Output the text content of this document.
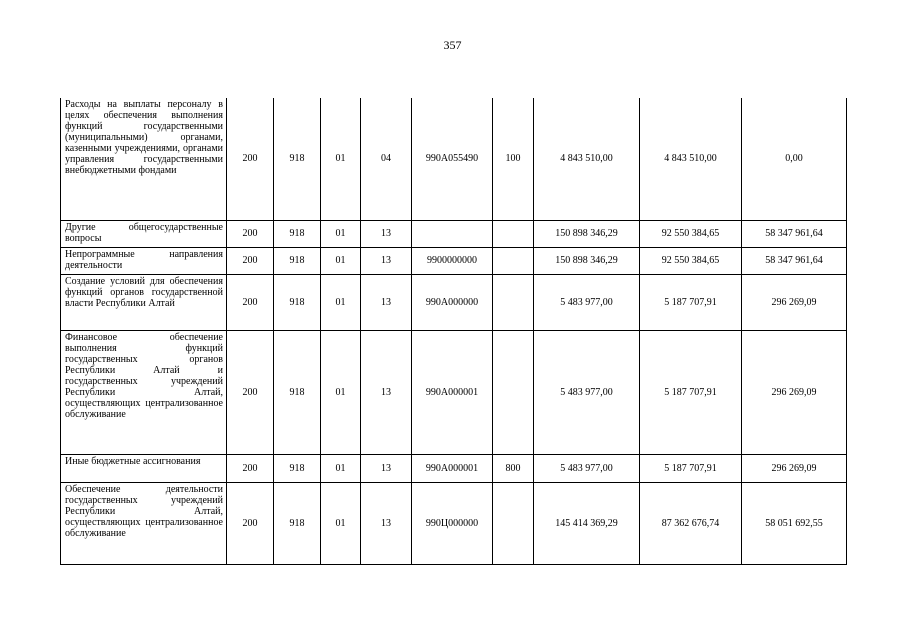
357
Расходы на выплаты персоналу в целях обеспечения выполнения функций государственными (муниципальными) органами, казенными учреждениями, органами управления государственными внебюджетными фондами	200	918	01	04	990А055490	100	4 843 510,00	4 843 510,00	0,00
Другие общегосударственные вопросы	200	918	01	13			150 898 346,29	92 550 384,65	58 347 961,64
Непрограммные направления деятельности	200	918	01	13	9900000000		150 898 346,29	92 550 384,65	58 347 961,64
Создание условий для обеспечения функций органов государственной власти Республики Алтай	200	918	01	13	990А000000		5 483 977,00	5 187 707,91	296 269,09
Финансовое обеспечение выполнения функций государственных органов Республики Алтай и государственных учреждений Республики Алтай, осуществляющих централизованное обслуживание	200	918	01	13	990А000001		5 483 977,00	5 187 707,91	296 269,09
Иные бюджетные ассигнования	200	918	01	13	990А000001	800	5 483 977,00	5 187 707,91	296 269,09
Обеспечение деятельности государственных учреждений Республики Алтай, осуществляющих централизованное обслуживание	200	918	01	13	990Ц000000		145 414 369,29	87 362 676,74	58 051 692,55
